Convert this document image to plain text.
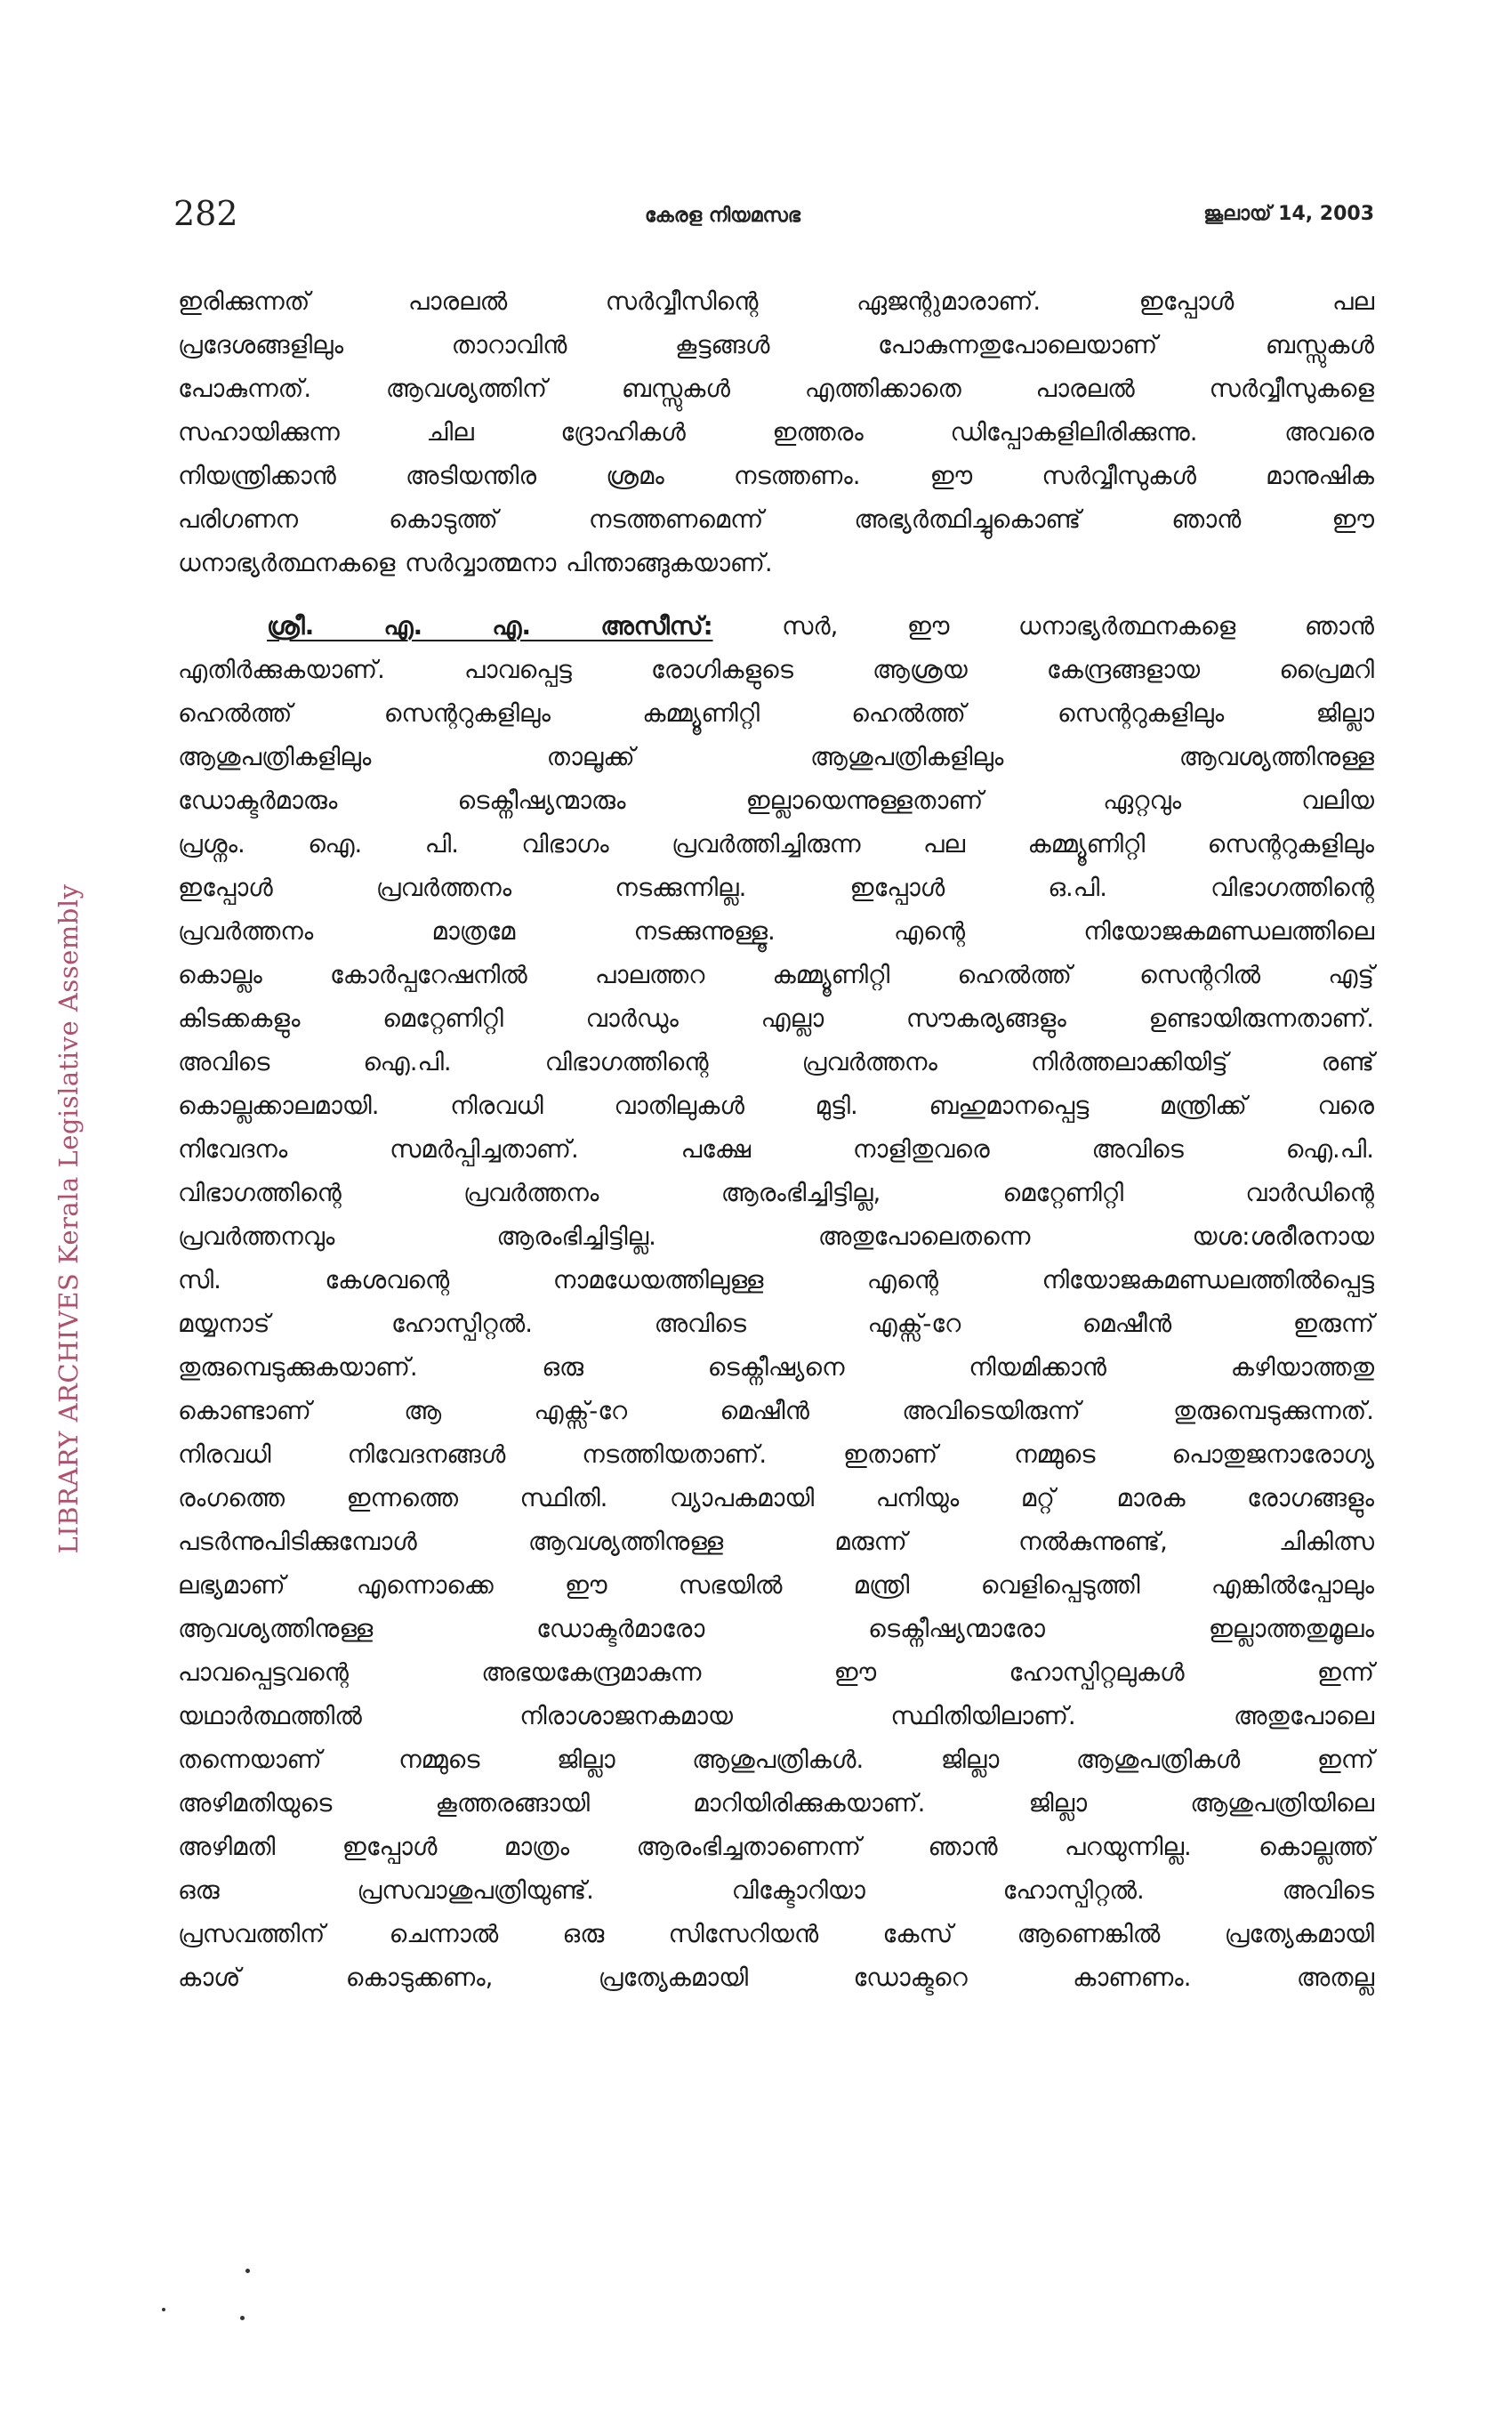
282	കേരള നിയമസഭ	ജൂലായ് 14, 2003
LIBRARY ARCHIVES Kerala Legislative Assembly

ഇരിക്കുന്നത് പാരലൽ സർവ്വീസിന്റെ ഏജന്റുമാരാണ്. ഇപ്പോൾ പല

പ്രദേശങ്ങളിലും താറാവിൻ കൂട്ടങ്ങൾ പോകുന്നതുപോലെയാണ് ബസ്സുകൾ

പോകുന്നത്. ആവശ്യത്തിന് ബസ്സുകൾ എത്തിക്കാതെ പാരലൽ സർവ്വീസുകളെ

സഹായിക്കുന്ന ചില ദ്രോഹികൾ ഇത്തരം ഡിപ്പോകളിലിരിക്കുന്നു. അവരെ

നിയന്ത്രിക്കാൻ അടിയന്തിര ശ്രമം നടത്തണം. ഈ സർവ്വീസുകൾ മാനുഷിക

പരിഗണന കൊടുത്ത് നടത്തണമെന്ന് അഭ്യർത്ഥിച്ചുകൊണ്ട് ഞാൻ ഈ

ധനാഭ്യർത്ഥനകളെ സർവ്വാത്മനാ പിന്താങ്ങുകയാണ്.

ശ്രീ. എ. എ. അസീസ്:	സർ, ഈ ധനാഭ്യർത്ഥനകളെ ഞാൻ

എതിർക്കുകയാണ്. പാവപ്പെട്ട രോഗികളുടെ ആശ്രയ കേന്ദ്രങ്ങളായ പ്രൈമറി

ഹെൽത്ത് സെന്ററുകളിലും കമ്മ്യൂണിറ്റി ഹെൽത്ത് സെന്ററുകളിലും ജില്ലാ

ആശുപത്രികളിലും താലൂക്ക് ആശുപത്രികളിലും ആവശ്യത്തിനുള്ള

ഡോക്ടർമാരും ടെക്നീഷ്യന്മാരും ഇല്ലായെന്നുള്ളതാണ് ഏറ്റവും വലിയ

പ്രശ്നം. ഐ. പി. വിഭാഗം പ്രവർത്തിച്ചിരുന്ന പല കമ്മ്യൂണിറ്റി സെന്ററുകളിലും

ഇപ്പോൾ പ്രവർത്തനം നടക്കുന്നില്ല. ഇപ്പോൾ ഒ.പി. വിഭാഗത്തിന്റെ

പ്രവർത്തനം മാത്രമേ നടക്കുന്നുള്ളൂ. എന്റെ നിയോജകമണ്ഡലത്തിലെ

കൊല്ലം കോർപ്പറേഷനിൽ പാലത്തറ കമ്മ്യൂണിറ്റി ഹെൽത്ത് സെന്ററിൽ എട്ട്

കിടക്കകളും മെറ്റേണിറ്റി വാർഡും എല്ലാ സൗകര്യങ്ങളും ഉണ്ടായിരുന്നതാണ്.

അവിടെ ഐ.പി. വിഭാഗത്തിന്റെ പ്രവർത്തനം നിർത്തലാക്കിയിട്ട് രണ്ട്

കൊല്ലക്കാലമായി. നിരവധി വാതിലുകൾ മുട്ടി. ബഹുമാനപ്പെട്ട മന്ത്രിക്ക് വരെ

നിവേദനം സമർപ്പിച്ചതാണ്. പക്ഷേ നാളിതുവരെ അവിടെ ഐ.പി.

വിഭാഗത്തിന്റെ പ്രവർത്തനം ആരംഭിച്ചിട്ടില്ല, മെറ്റേണിറ്റി വാർഡിന്റെ

പ്രവർത്തനവും ആരംഭിച്ചിട്ടില്ല. അതുപോലെതന്നെ യശ:ശരീരനായ

സി. കേശവന്റെ നാമധേയത്തിലുള്ള എന്റെ നിയോജകമണ്ഡലത്തിൽപ്പെട്ട

മയ്യനാട് ഹോസ്പിറ്റൽ. അവിടെ എക്സ്-റേ മെഷീൻ ഇരുന്ന്

തുരുമ്പെടുക്കുകയാണ്. ഒരു ടെക്നീഷ്യനെ നിയമിക്കാൻ കഴിയാത്തതു

കൊണ്ടാണ് ആ എക്സ്-റേ മെഷീൻ അവിടെയിരുന്ന് തുരുമ്പെടുക്കുന്നത്.

നിരവധി നിവേദനങ്ങൾ നടത്തിയതാണ്. ഇതാണ് നമ്മുടെ പൊതുജനാരോഗ്യ

രംഗത്തെ ഇന്നത്തെ സ്ഥിതി. വ്യാപകമായി പനിയും മറ്റ് മാരക രോഗങ്ങളും

പടർന്നുപിടിക്കുമ്പോൾ ആവശ്യത്തിനുള്ള മരുന്ന് നൽകുന്നുണ്ട്, ചികിത്സ

ലഭ്യമാണ് എന്നൊക്കെ ഈ സഭയിൽ മന്ത്രി വെളിപ്പെടുത്തി എങ്കിൽപ്പോലും

ആവശ്യത്തിനുള്ള ഡോക്ടർമാരോ ടെക്നീഷ്യന്മാരോ ഇല്ലാത്തതുമൂലം

പാവപ്പെട്ടവന്റെ അഭയകേന്ദ്രമാകുന്ന ഈ ഹോസ്പിറ്റലുകൾ ഇന്ന്

യഥാർത്ഥത്തിൽ നിരാശാജനകമായ സ്ഥിതിയിലാണ്. അതുപോലെ

തന്നെയാണ് നമ്മുടെ ജില്ലാ ആശുപത്രികൾ. ജില്ലാ ആശുപത്രികൾ ഇന്ന്

അഴിമതിയുടെ കൂത്തരങ്ങായി മാറിയിരിക്കുകയാണ്. ജില്ലാ ആശുപത്രിയിലെ

അഴിമതി ഇപ്പോൾ മാത്രം ആരംഭിച്ചതാണെന്ന് ഞാൻ പറയുന്നില്ല. കൊല്ലത്ത്

ഒരു പ്രസവാശുപത്രിയുണ്ട്. വിക്ടോറിയാ ഹോസ്പിറ്റൽ. അവിടെ

പ്രസവത്തിന് ചെന്നാൽ ഒരു സിസേറിയൻ കേസ് ആണെങ്കിൽ പ്രത്യേകമായി

കാശ് കൊടുക്കണം, പ്രത്യേകമായി ഡോക്ടറെ കാണണം. അതല്ല
